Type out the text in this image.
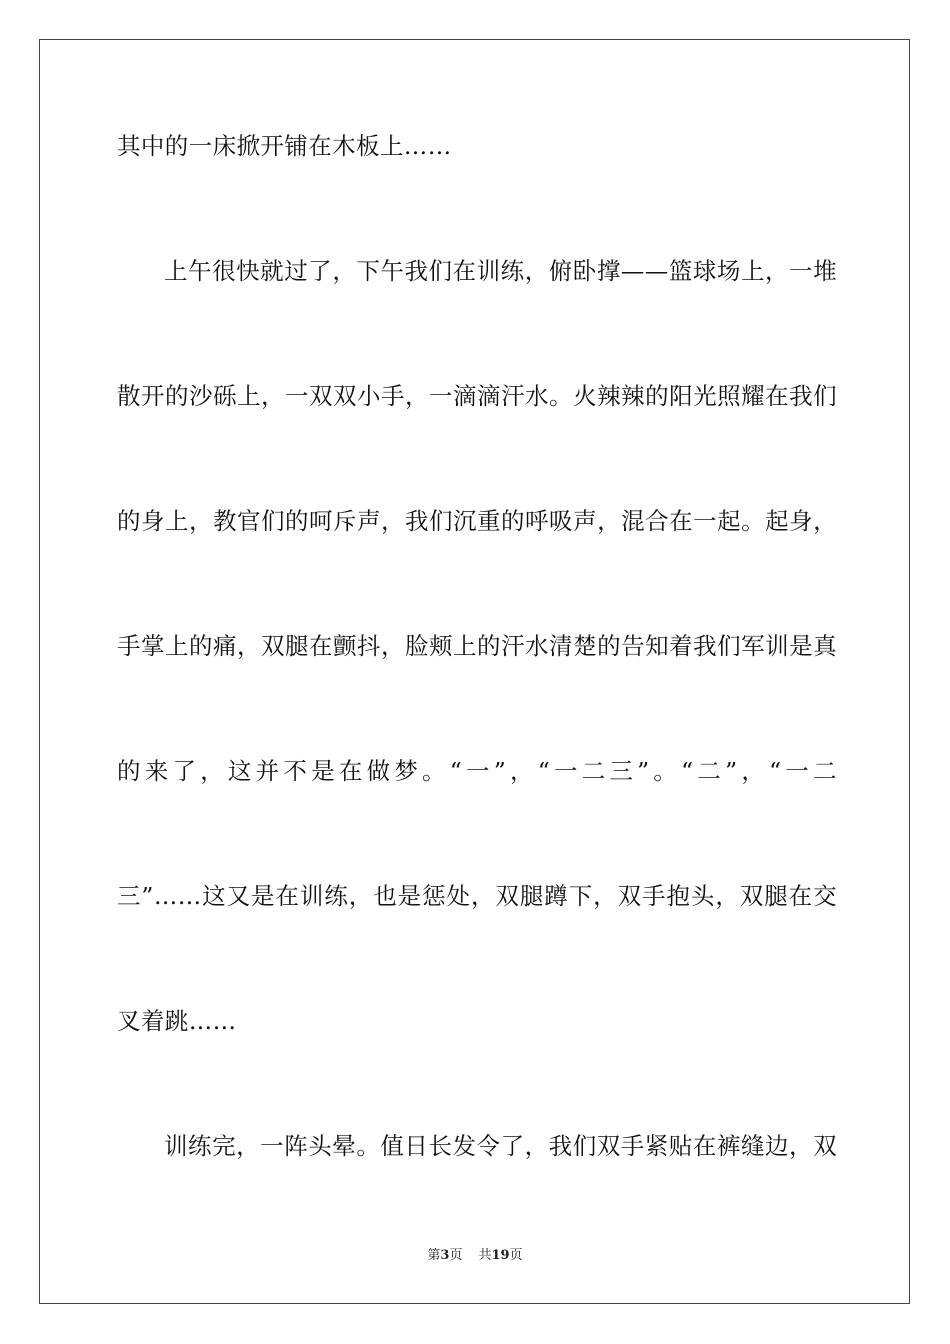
其中的一床掀开铺在木板上……
上午很快就过了，下午我们在训练，俯卧撑——篮球场上，一堆
散开的沙砾上，一双双小手，一滴滴汗水。火辣辣的阳光照耀在我们
的身上，教官们的呵斥声，我们沉重的呼吸声，混合在一起。起身，
手掌上的痛，双腿在颤抖，脸颊上的汗水清楚的告知着我们军训是真
的来了，这并不是在做梦。“一”，“一二三”。“二”，“一二
三”……这又是在训练，也是惩处，双腿蹲下，双手抱头，双腿在交
叉着跳……
训练完，一阵头晕。值日长发令了，我们双手紧贴在裤缝边，双
第3页 共19页
